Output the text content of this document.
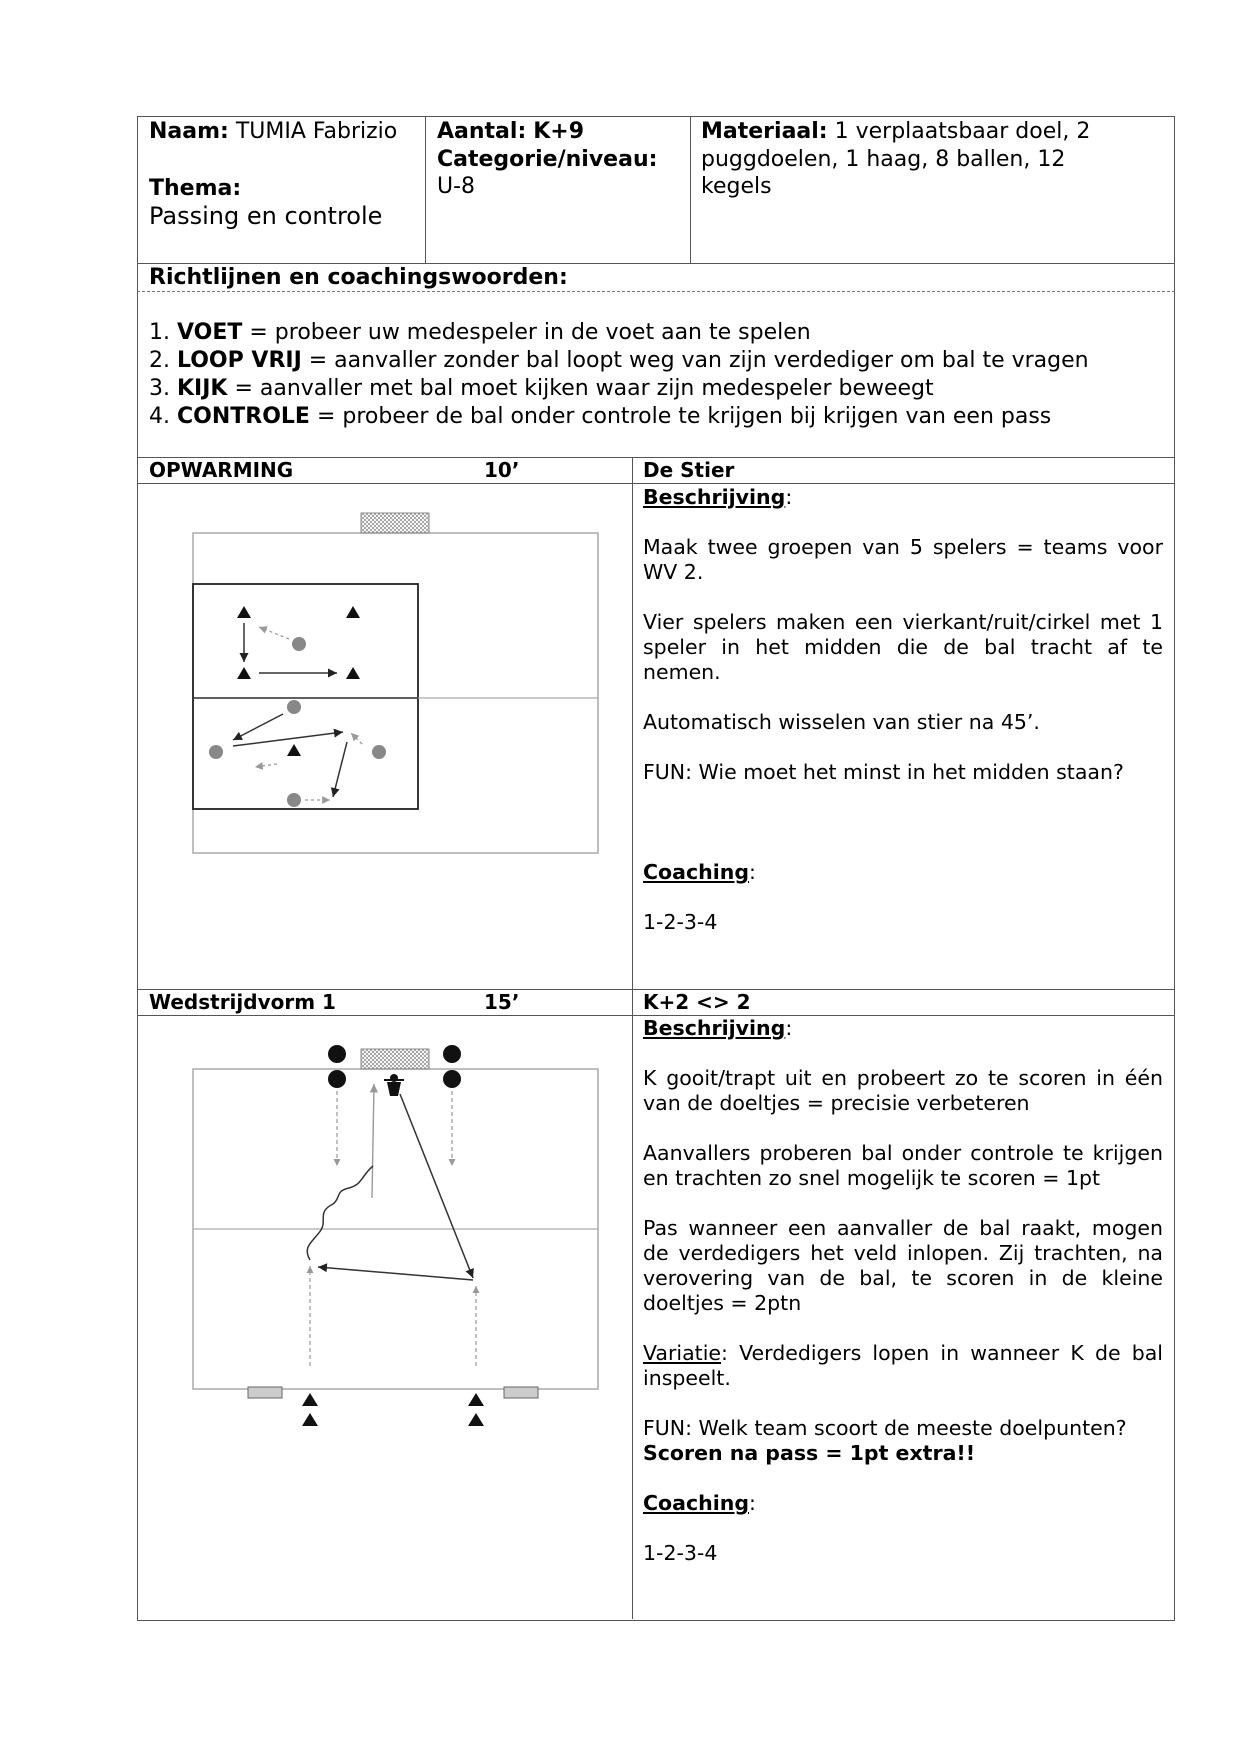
Naam: TUMIA Fabrizio
Thema:
Passing en controle
Aantal: K+9
Categorie/niveau:
U-8
Materiaal: 1 verplaatsbaar doel, 2
puggdoelen, 1 haag, 8 ballen, 12
kegels
Richtlijnen en coachingswoorden:
1. VOET = probeer uw medespeler in de voet aan te spelen
2. LOOP VRIJ = aanvaller zonder bal loopt weg van zijn verdediger om bal te vragen
3. KIJK = aanvaller met bal moet kijken waar zijn medespeler beweegt
4. CONTROLE = probeer de bal onder controle te krijgen bij krijgen van een pass
OPWARMING	10’	De Stier

Beschrijving:

Maak twee groepen van 5 spelers = teams voor WV 2.

Vier spelers maken een vierkant/ruit/cirkel met 1 speler in het midden die de bal tracht af te nemen.

Automatisch wisselen van stier na 45’.

FUN: Wie moet het minst in het midden staan?

Coaching:

1-2-3-4

Wedstrijdvorm 1	15’	K+2 <> 2

Beschrijving:

K gooit/trapt uit en probeert zo te scoren in één van de doeltjes = precisie verbeteren

Aanvallers proberen bal onder controle te krijgen en trachten zo snel mogelijk te scoren = 1pt

Pas wanneer een aanvaller de bal raakt, mogen de verdedigers het veld inlopen. Zij trachten, na verovering van de bal, te scoren in de kleine doeltjes = 2ptn

Variatie: Verdedigers lopen in wanneer K de bal inspeelt.

FUN: Welk team scoort de meeste doelpunten?

Scoren na pass = 1pt extra!!

Coaching:

1-2-3-4
